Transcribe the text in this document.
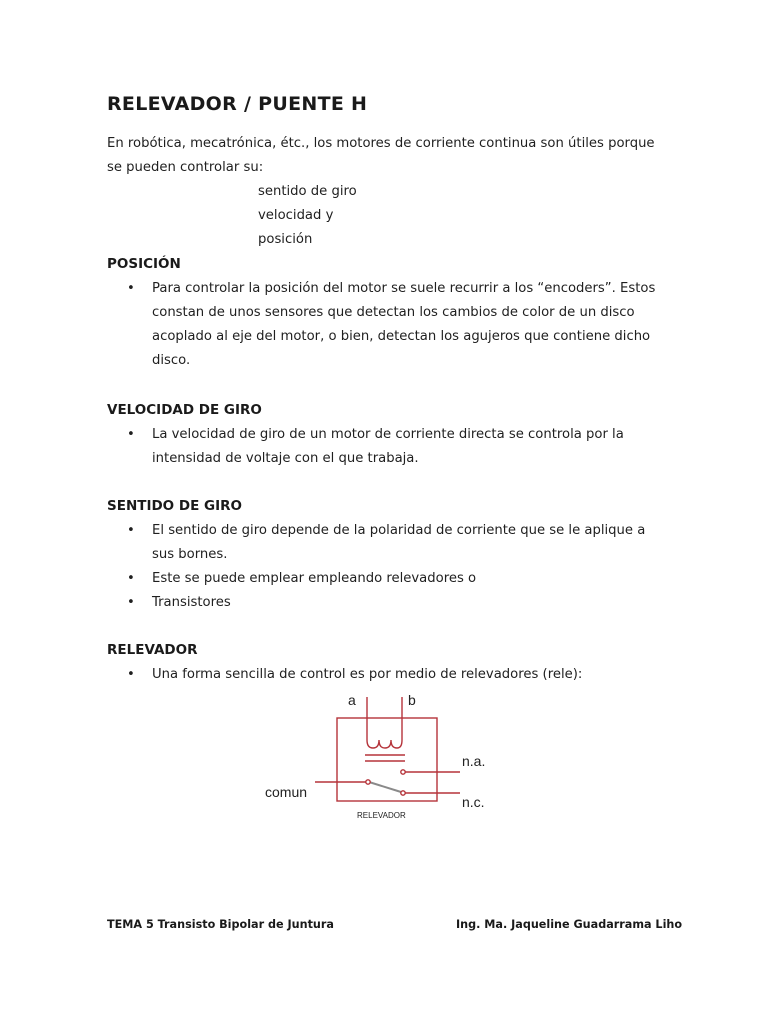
RELEVADOR / PUENTE H

En robótica, mecatrónica, étc., los motores de corriente continua son útiles porque se pueden controlar su:

sentido de giro
velocidad y
posición
POSICIÓN
• Para controlar la posición del motor se suele recurrir a los “encoders”. Estos constan de unos sensores que detectan los cambios de color de un disco acoplado al eje del motor, o bien, detectan los agujeros que contiene dicho disco.
VELOCIDAD DE GIRO
• La velocidad de giro de un motor de corriente directa se controla por la intensidad de voltaje con el que trabaja.
SENTIDO DE GIRO
• El sentido de giro depende de la polaridad de corriente que se le aplique a sus bornes.
• Este se puede emplear empleando relevadores o
• Transistores
RELEVADOR
• Una forma sencilla de control es por medio de relevadores (rele):
a	b
n.a.
n.c.
comun
RELEVADOR

TEMA 5 Transisto Bipolar de Juntura	Ing. Ma. Jaqueline Guadarrama Liho
